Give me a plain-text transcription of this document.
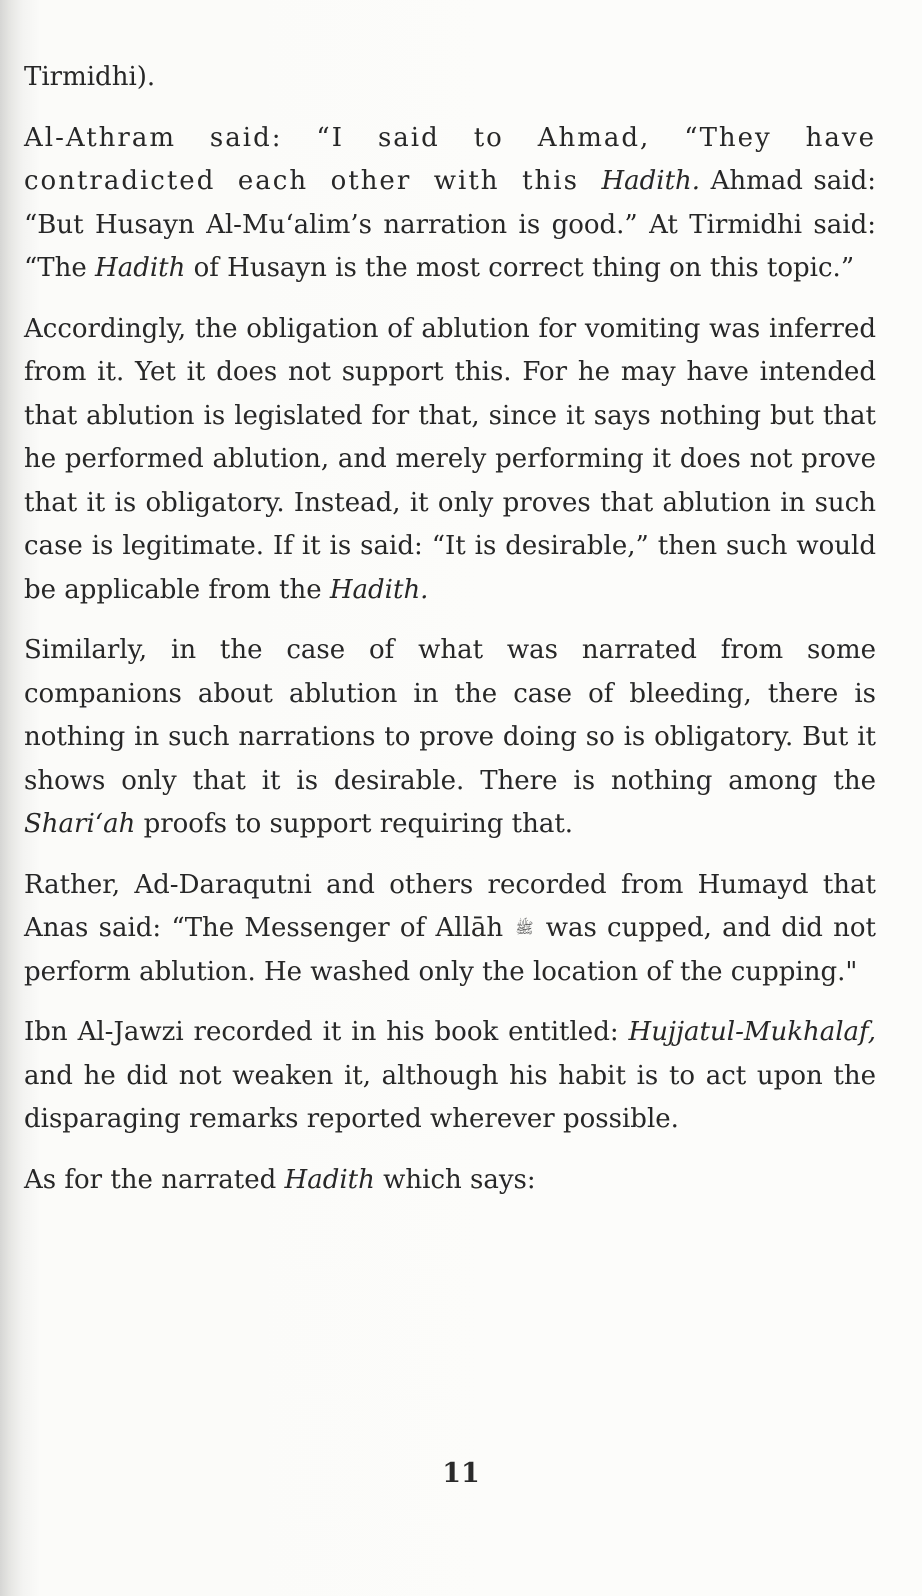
Tirmidhi).

Al-Athram said: “I said to Ahmad, “They have contradicted each other with this Hadith. Ahmad said: “But Husayn Al-Mu‘alim’s narration is good.” At Tirmidhi said: “The Hadith of Husayn is the most correct thing on this topic.”

Accordingly, the obligation of ablution for vomiting was inferred from it. Yet it does not support this. For he may have intended that ablution is legislated for that, since it says nothing but that he performed ablution, and merely performing it does not prove that it is obligatory. Instead, it only proves that ablution in such case is legitimate. If it is said: “It is desirable,” then such would be applicable from the Hadith.

Similarly, in the case of what was narrated from some companions about ablution in the case of bleeding, there is nothing in such narrations to prove doing so is obligatory. But it shows only that it is desirable. There is nothing among the Shari‘ah proofs to support requiring that.

Rather, Ad-Daraqutni and others recorded from Humayd that Anas said: “The Messenger of Allāh ﷺ was cupped, and did not perform ablution. He washed only the location of the cupping."

Ibn Al-Jawzi recorded it in his book entitled: Hujjatul-Mukhalaf, and he did not weaken it, although his habit is to act upon the disparaging remarks reported wherever possible.

As for the narrated Hadith which says:

11
